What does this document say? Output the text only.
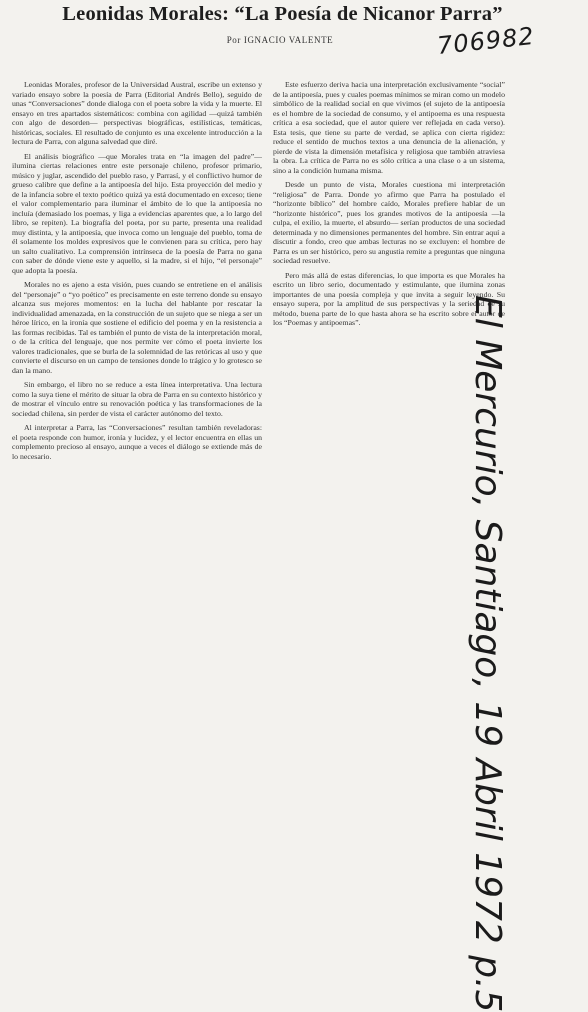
Leonidas Morales: “La Poesía de Nicanor Parra”
Por IGNACIO VALENTE	706982

Leonidas Morales, profesor de la Universidad Austral, escribe un extenso y variado ensayo sobre la poesía de Parra (Editorial Andrés Bello), seguido de unas “Conversaciones” donde dialoga con el poeta sobre la vida y la muerte. El ensayo en tres apartados sistemáticos: combina con agilidad —quizá también con algo de desorden— perspectivas biográficas, estilísticas, temáticas, históricas, sociales. El resultado de conjunto es una excelente introducción a la lectura de Parra, con alguna salvedad que diré.

El análisis biográfico —que Morales trata en “la imagen del padre”— ilumina ciertas relaciones entre este personaje chileno, profesor primario, músico y juglar, ascendido del pueblo raso, y Parrasí, y el conflictivo humor de grueso calibre que define a la antipoesía del hijo. Esta proyección del medio y de la infancia sobre el texto poético quizá ya está documentado en exceso; tiene el valor complementario para iluminar el ámbito de lo que la antipoesía no incluía (demasiado los poemas, y liga a evidencias aparentes que, a lo largo del libro, se repiten). La biografía del poeta, por su parte, presenta una realidad muy distinta, y la antipoesía, que invoca como un lenguaje del pueblo, toma de él solamente los moldes expresivos que le convienen para su crítica, pero hay un salto cualitativo. La comprensión intrínseca de la poesía de Parra no gana con saber de dónde viene este y aquello, si la madre, si el hijo, “el personaje” que adopta la poesía.

Morales no es ajeno a esta visión, pues cuando se entretiene en el análisis del “personaje” o “yo poético” es precisamente en este terreno donde su ensayo alcanza sus mejores momentos: en la lucha del hablante por rescatar la individualidad amenazada, en la construcción de un sujeto que se niega a ser un héroe lírico, en la ironía que sostiene el edificio del poema y en la resistencia a las formas recibidas. Tal es también el punto de vista de la interpretación moral, o de la crítica del lenguaje, que nos permite ver cómo el poeta invierte los valores tradicionales, que se burla de la solemnidad de las retóricas al uso y que convierte el discurso en un campo de tensiones donde lo trágico y lo grotesco se dan la mano.

Sin embargo, el libro no se reduce a esta línea interpretativa. Una lectura como la suya tiene el mérito de situar la obra de Parra en su contexto histórico y de mostrar el vínculo entre su renovación poética y las transformaciones de la sociedad chilena, sin perder de vista el carácter autónomo del texto.

Al interpretar a Parra, las “Conversaciones” resultan también reveladoras: el poeta responde con humor, ironía y lucidez, y el lector encuentra en ellas un complemento precioso al ensayo, aunque a veces el diálogo se extiende más de lo necesario.

Este esfuerzo deriva hacia una interpretación exclusivamente “social” de la antipoesía, pues y cuales poemas mínimos se miran como un modelo simbólico de la realidad social en que vivimos (el sujeto de la antipoesía es el hombre de la sociedad de consumo, y el antipoema es una respuesta crítica a esa sociedad, que el autor quiere ver reflejada en cada verso). Esta tesis, que tiene su parte de verdad, se aplica con cierta rigidez: reduce el sentido de muchos textos a una denuncia de la alienación, y pierde de vista la dimensión metafísica y religiosa que también atraviesa la obra. La crítica de Parra no es sólo crítica a una clase o a un sistema, sino a la condición humana misma.

Desde un punto de vista, Morales cuestiona mi interpretación “religiosa” de Parra. Donde yo afirmo que Parra ha postulado el “horizonte bíblico” del hombre caído, Morales prefiere hablar de un “horizonte histórico”, pues los grandes motivos de la antipoesía —la culpa, el exilio, la muerte, el absurdo— serían productos de una sociedad determinada y no dimensiones permanentes del hombre. Sin entrar aquí a discutir a fondo, creo que ambas lecturas no se excluyen: el hombre de Parra es un ser histórico, pero su angustia remite a preguntas que ninguna sociedad resuelve.

Pero más allá de estas diferencias, lo que importa es que Morales ha escrito un libro serio, documentado y estimulante, que ilumina zonas importantes de una poesía compleja y que invita a seguir leyendo. Su ensayo supera, por la amplitud de sus perspectivas y la seriedad de su método, buena parte de lo que hasta ahora se ha escrito sobre el autor de los “Poemas y antipoemas”.	El Mercurio, Santiago, 19 Abril 1972 p.5
